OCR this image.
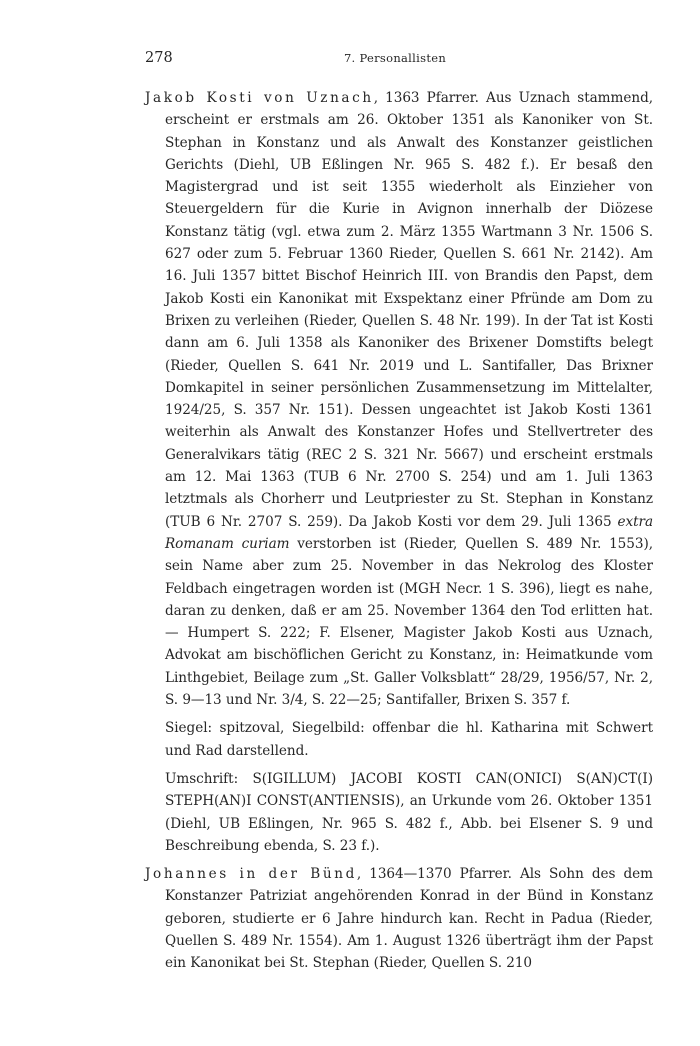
278	7. Personallisten

Jakob Kosti von Uznach, 1363 Pfarrer. Aus Uznach stammend, erscheint er erstmals am 26. Oktober 1351 als Kanoniker von St. Stephan in Konstanz und als Anwalt des Konstanzer geistlichen Gerichts (Diehl, UB Eßlingen Nr. 965 S. 482 f.). Er besaß den Magistergrad und ist seit 1355 wiederholt als Einzieher von Steuergeldern für die Kurie in Avignon innerhalb der Diözese Konstanz tätig (vgl. etwa zum 2. März 1355 Wartmann 3 Nr. 1506 S. 627 oder zum 5. Februar 1360 Rieder, Quellen S. 661 Nr. 2142). Am 16. Juli 1357 bittet Bischof Heinrich III. von Brandis den Papst, dem Jakob Kosti ein Kanonikat mit Exspektanz einer Pfründe am Dom zu Brixen zu verleihen (Rieder, Quellen S. 48 Nr. 199). In der Tat ist Kosti dann am 6. Juli 1358 als Kanoniker des Brixener Domstifts belegt (Rieder, Quellen S. 641 Nr. 2019 und L. Santifaller, Das Brixner Domkapitel in seiner persönlichen Zusammensetzung im Mittelalter, 1924/25, S. 357 Nr. 151). Dessen ungeachtet ist Jakob Kosti 1361 weiterhin als Anwalt des Konstanzer Hofes und Stellvertreter des Generalvikars tätig (REC 2 S. 321 Nr. 5667) und erscheint erstmals am 12. Mai 1363 (TUB 6 Nr. 2700 S. 254) und am 1. Juli 1363 letztmals als Chorherr und Leutpriester zu St. Stephan in Konstanz (TUB 6 Nr. 2707 S. 259). Da Jakob Kosti vor dem 29. Juli 1365 extra Romanam curiam verstorben ist (Rieder, Quellen S. 489 Nr. 1553), sein Name aber zum 25. November in das Nekrolog des Kloster Feldbach eingetragen worden ist (MGH Necr. 1 S. 396), liegt es nahe, daran zu denken, daß er am 25. November 1364 den Tod erlitten hat. — Humpert S. 222; F. Elsener, Magister Jakob Kosti aus Uznach, Advokat am bischöflichen Gericht zu Konstanz, in: Heimatkunde vom Linthgebiet, Beilage zum „St. Galler Volksblatt“ 28/29, 1956/57, Nr. 2, S. 9—13 und Nr. 3/4, S. 22—25; Santifaller, Brixen S. 357 f.

Siegel: spitzoval, Siegelbild: offenbar die hl. Katharina mit Schwert und Rad darstellend.

Umschrift: S(IGILLUM) JACOBI KOSTI CAN(ONICI) S(AN)CT(I) STEPH(AN)I CONST(ANTIENSIS), an Urkunde vom 26. Oktober 1351 (Diehl, UB Eßlingen, Nr. 965 S. 482 f., Abb. bei Elsener S. 9 und Beschreibung ebenda, S. 23 f.).

Johannes in der Bünd, 1364—1370 Pfarrer. Als Sohn des dem Konstanzer Patriziat angehörenden Konrad in der Bünd in Konstanz geboren, studierte er 6 Jahre hindurch kan. Recht in Padua (Rieder, Quellen S. 489 Nr. 1554). Am 1. August 1326 überträgt ihm der Papst ein Kanonikat bei St. Stephan (Rieder, Quellen S. 210
